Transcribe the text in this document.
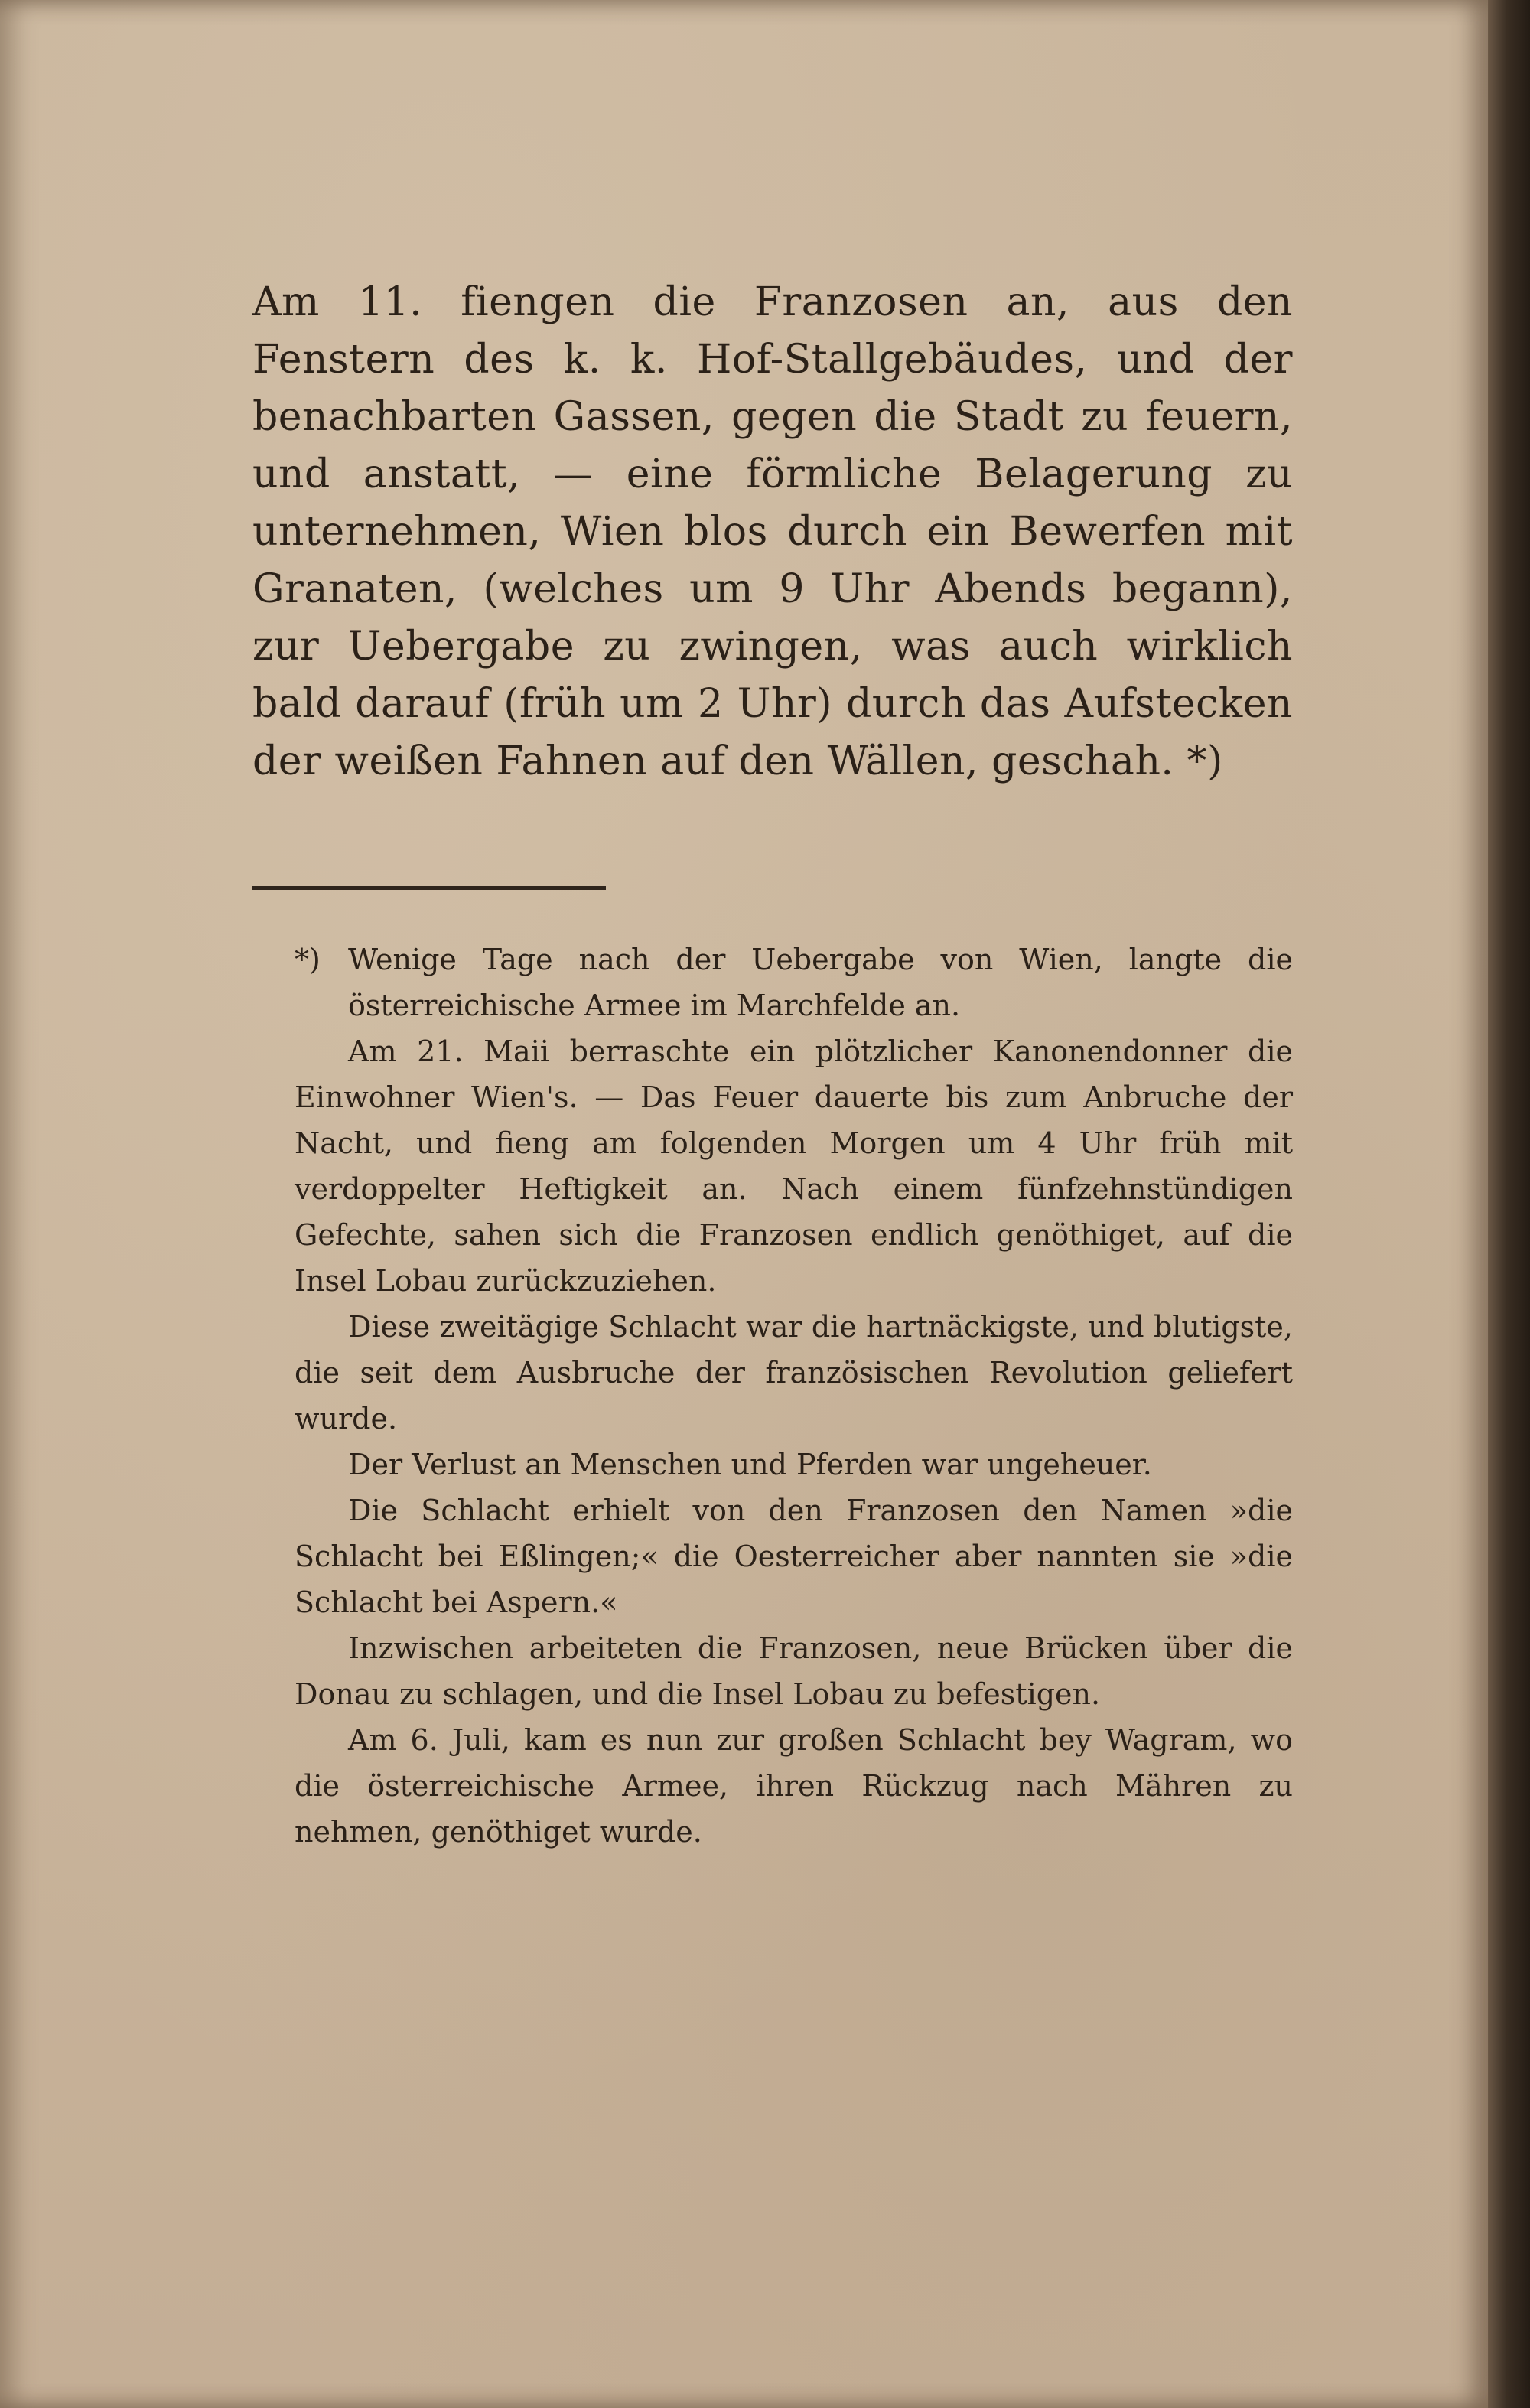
Am 11. fiengen die Franzosen an, aus den Fenstern des k. k. Hof-Stallgebäudes, und der benachbarten Gassen, gegen die Stadt zu feuern, und anstatt, — eine förmliche Belagerung zu unternehmen, Wien blos durch ein Bewerfen mit Granaten, (welches um 9 Uhr Abends begann), zur Uebergabe zu zwingen, was auch wirklich bald darauf (früh um 2 Uhr) durch das Aufstecken der weißen Fahnen auf den Wällen, geschah. *)

*) Wenige Tage nach der Uebergabe von Wien, langte die österreichische Armee im Marchfelde an.
Am 21. Maii berraschte ein plötzlicher Kanonendonner die Einwohner Wien's. — Das Feuer dauerte bis zum Anbruche der Nacht, und fieng am folgenden Morgen um 4 Uhr früh mit verdoppelter Heftigkeit an. Nach einem fünfzehnstündigen Gefechte, sahen sich die Franzosen endlich genöthiget, auf die Insel Lobau zurückzuziehen.
Diese zweitägige Schlacht war die hartnäckigste, und blutigste, die seit dem Ausbruche der französischen Revolution geliefert wurde.
Der Verlust an Menschen und Pferden war ungeheuer.
Die Schlacht erhielt von den Franzosen den Namen »die Schlacht bei Eßlingen;« die Oesterreicher aber nannten sie »die Schlacht bei Aspern.«
Inzwischen arbeiteten die Franzosen, neue Brücken über die Donau zu schlagen, und die Insel Lobau zu befestigen.
Am 6. Juli, kam es nun zur großen Schlacht bey Wagram, wo die österreichische Armee, ihren Rückzug nach Mähren zu nehmen, genöthiget wurde.
